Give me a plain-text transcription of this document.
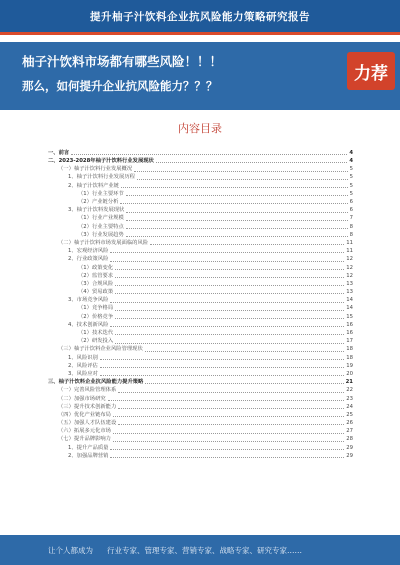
提升柚子汁饮料企业抗风险能力策略研究报告
柚子汁饮料市场都有哪些风险！！！
那么，如何提升企业抗风险能力？？？
力荐
内容目录
一、前言	4
二、2023-2028年柚子汁饮料行业发展现状	4
（一）柚子汁饮料行业发展概况	5
1、柚子汁饮料行业发展历程	5
2、柚子汁饮料产业链	5
（1）行业主要环节	5
（2）产业链分析	6
3、柚子汁饮料发展现状	6
（1）行业产业规模	7
（2）行业主要特点	8
（3）行业发展趋势	8
（二）柚子汁饮料市场发展面临的风险	11
1、宏观经济风险	11
2、行业政策风险	12
（1）政策变化	12
（2）监管要求	12
（3）合规风险	13
（4）贸易政策	13
3、市场竞争风险	14
（1）竞争格局	14
（2）价格竞争	15
4、技术创新风险	16
（1）技术迭代	16
（2）研发投入	17
（三）柚子汁饮料企业风险管理现状	18
1、风险识别	18
2、风险评估	19
3、风险应对	20
三、柚子汁饮料企业抗风险能力提升策略	21
（一）完善风险管理体系	22
（二）加强市场研究	23
（三）提升技术创新能力	24
（四）优化产业链布局	25
（五）加强人才队伍建设	26
（六）拓展多元化市场	27
（七）提升品牌影响力	28
1、提升产品质量	29
2、加强品牌营销	29
让个人都成为 行业专家、管理专家、营销专家、战略专家、研究专家……
